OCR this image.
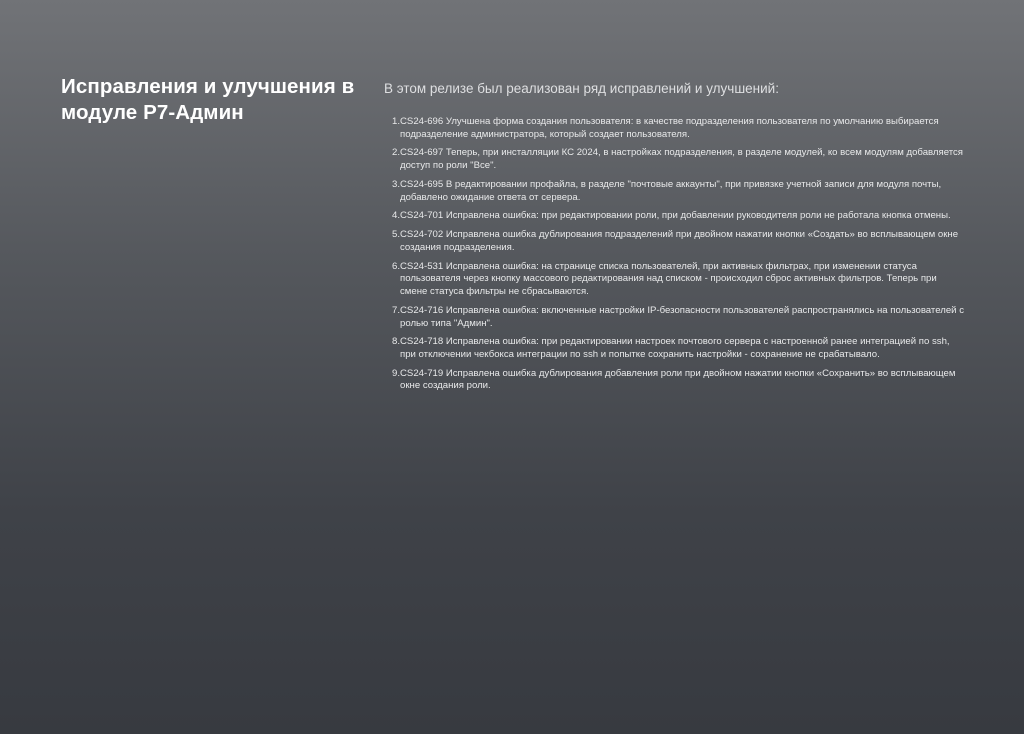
Исправления и улучшения в модуле Р7-Админ

В этом релизе был реализован ряд исправлений и улучшений:

1. CS24-696 Улучшена форма создания пользователя: в качестве подразделения пользователя по умолчанию выбирается подразделение администратора, который создает пользователя.
2. CS24-697 Теперь, при инсталляции КС 2024, в настройках подразделения, в разделе модулей, ко всем модулям добавляется доступ по роли "Все".
3. CS24-695 В редактировании профайла, в разделе "почтовые аккаунты", при привязке учетной записи для модуля почты, добавлено ожидание ответа от сервера.
4. CS24-701 Исправлена ошибка: при редактировании роли, при добавлении руководителя роли не работала кнопка отмены.
5. CS24-702 Исправлена ошибка дублирования подразделений при двойном нажатии кнопки «Создать» во всплывающем окне создания подразделения.
6. CS24-531 Исправлена ошибка: на странице списка пользователей, при активных фильтрах, при изменении статуса пользователя через кнопку массового редактирования над списком - происходил сброс активных фильтров. Теперь при смене статуса фильтры не сбрасываются.
7. CS24-716 Исправлена ошибка: включенные настройки IP-безопасности пользователей распространялись на пользователей с ролью типа "Админ".
8. CS24-718 Исправлена ошибка: при редактировании настроек почтового сервера с настроенной ранее интеграцией по ssh, при отключении чекбокса интеграции по ssh и попытке сохранить настройки - сохранение не срабатывало.
9. CS24-719 Исправлена ошибка дублирования добавления роли при двойном нажатии кнопки «Сохранить» во всплывающем окне создания роли.
